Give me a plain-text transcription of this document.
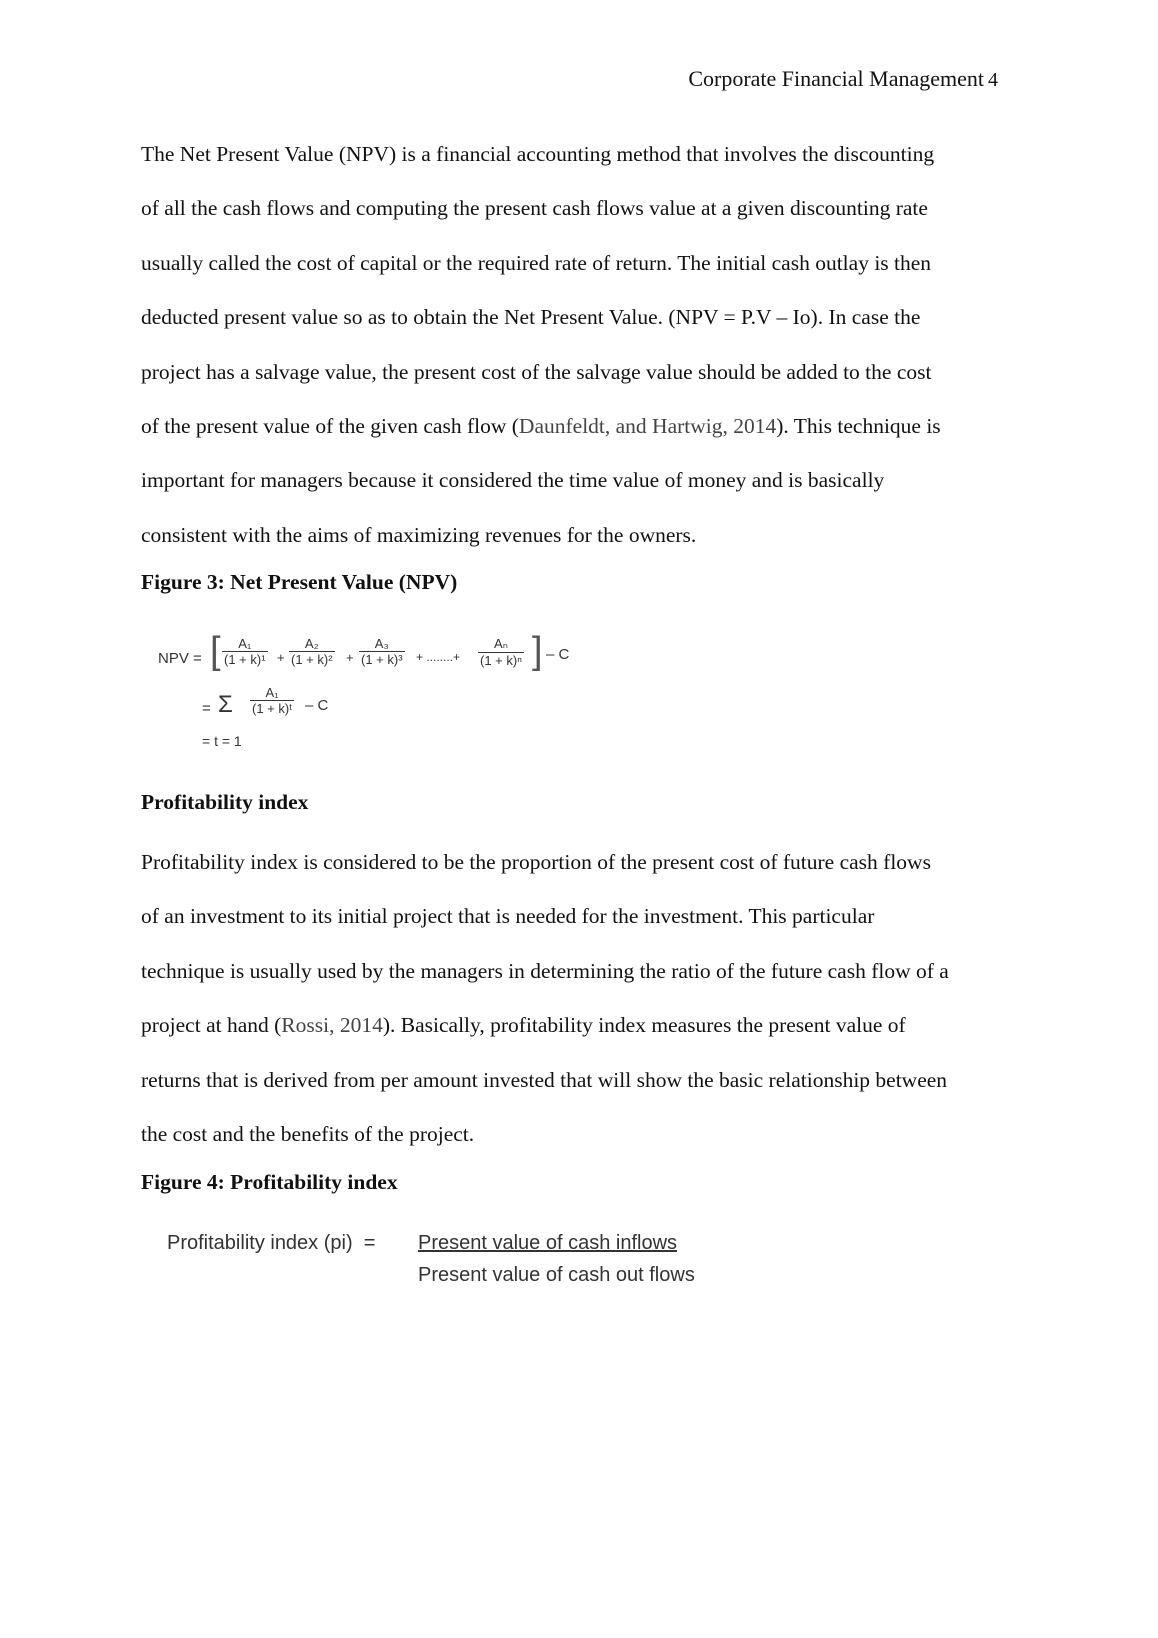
Corporate Financial Management 4
The Net Present Value (NPV) is a financial accounting method that involves the discounting
of all the cash flows and computing the present cash flows value at a given discounting rate
usually called the cost of capital or the required rate of return. The initial cash outlay is then
deducted present value so as to obtain the Net Present Value. (NPV = P.V – Io). In case the
project has a salvage value, the present cost of the salvage value should be added to the cost
of the present value of the given cash flow (Daunfeldt, and Hartwig, 2014). This technique is
important for managers because it considered the time value of money and is basically
consistent with the aims of maximizing revenues for the owners.
Figure 3: Net Present Value (NPV)
NPV = [ $\frac{\text{A₁}}{\text{(1 + k)¹}} + \frac{\text{A₂}}{\text{(1 + k)²}} + \frac{\text{A₃}}{\text{(1 + k)³}}$ + ........+ $\frac{\text{Aₙ}}{\text{(1 + k)ⁿ}}$ ] – C
= Σ $\frac{\text{A₁}}{\text{(1 + k)ᵗ}}$ – C
= t = 1
Profitability index
Profitability index is considered to be the proportion of the present cost of future cash flows
of an investment to its initial project that is needed for the investment. This particular
technique is usually used by the managers in determining the ratio of the future cash flow of a
project at hand (Rossi, 2014). Basically, profitability index measures the present value of
returns that is derived from per amount invested that will show the basic relationship between
the cost and the benefits of the project.
Figure 4: Profitability index
Profitability index (pi)  = Present value of cash inflows
Present value of cash out flows
